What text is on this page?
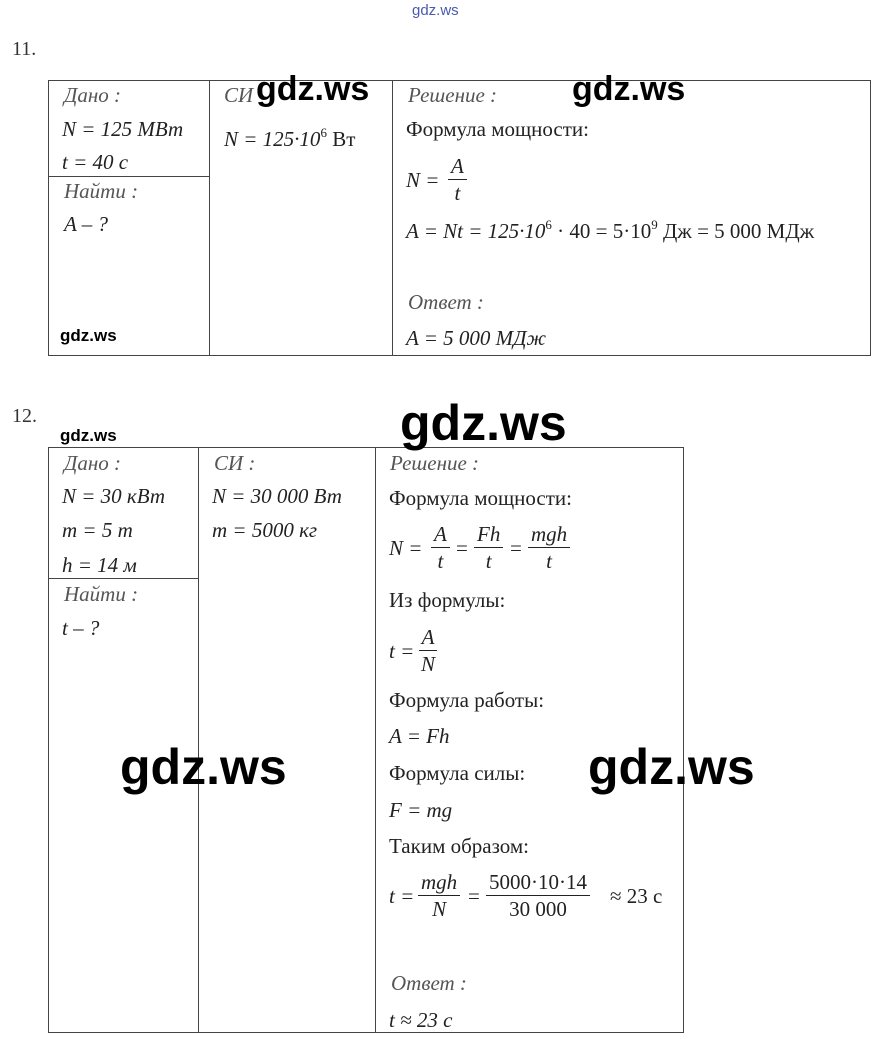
gdz.ws
11.
Дано :
N = 125 МВт
t = 40 с
Найти :
A – ?
СИ
$N = 125\cdot 10^6$ Вт
Решение :
Формула мощности:
$N = \frac{A}{t}$
$A = Nt = 125\cdot 10^6 \cdot 40 = 5\cdot 10^9$ Дж = 5 000 МДж
Ответ :
A = 5 000 МДж
gdz.ws	gdz.ws
gdz.ws
12.
Дано :
N = 30 кВт
m = 5 т
h = 14 м
Найти :
t – ?
СИ :
N = 30 000 Вт
m = 5000 кг
Решение :
Формула мощности:
$N = \frac{A}{t} = \frac{Fh}{t}$ =
mgh
t
Из формулы:
$t = \frac{A}{N}$
Формула работы:
A = Fh
Формула силы:
F = mg
Таким образом:
t =
mgh
N
= $\frac{5000\cdot 10\cdot 14}{30 000} \approx 23$ с
Ответ :
t ≈ 23 с
gdz.ws
gdz.ws
gdz.ws	gdz.ws
